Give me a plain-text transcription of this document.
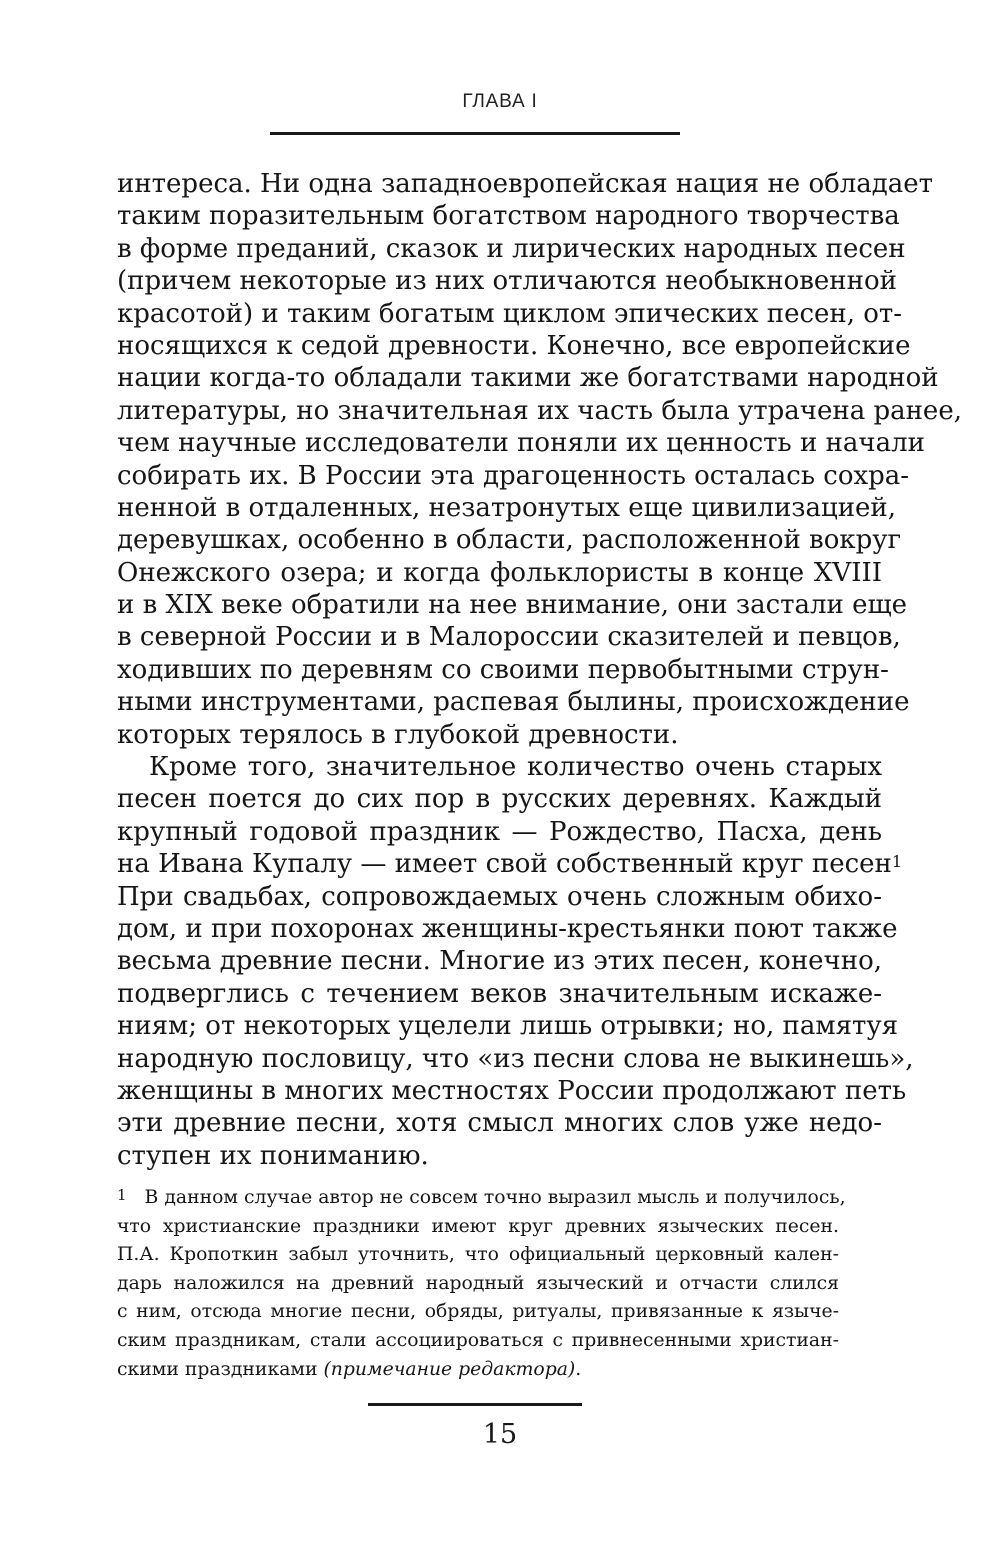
ГЛАВА I
интереса. Ни одна западноевропейская нация не обладает
таким поразительным богатством народного творчества
в форме преданий, сказок и лирических народных песен
(причем некоторые из них отличаются необыкновенной
красотой) и таким богатым циклом эпических песен, от-
носящихся к седой древности. Конечно, все европейские
нации когда-то обладали такими же богатствами народной
литературы, но значительная их часть была утрачена ранее,
чем научные исследователи поняли их ценность и начали
собирать их. В России эта драгоценность осталась сохра-
ненной в отдаленных, незатронутых еще цивилизацией,
деревушках, особенно в области, расположенной вокруг
Онежского озера; и когда фольклористы в конце XVIII
и в XIX веке обратили на нее внимание, они застали еще
в северной России и в Малороссии сказителей и певцов,
ходивших по деревням со своими первобытными струн-
ными инструментами, распевая былины, происхождение
которых терялось в глубокой древности.
Кроме того, значительное количество очень старых
песен поется до сих пор в русских деревнях. Каждый
крупный годовой праздник — Рождество, Пасха, день
на Ивана Купалу — имеет свой собственный круг песен$^1$
При свадьбах, сопровождаемых очень сложным обихо-
дом, и при похоронах женщины-крестьянки поют также
весьма древние песни. Многие из этих песен, конечно,
подверглись с течением веков значительным искаже-
ниям; от некоторых уцелели лишь отрывки; но, памятуя
народную пословицу, что «из песни слова не выкинешь»,
женщины в многих местностях России продолжают петь
эти древние песни, хотя смысл многих слов уже недо-
ступен их пониманию.
$^1$ В данном случае автор не совсем точно выразил мысль и получилось,
что христианские праздники имеют круг древних языческих песен.
П.А. Кропоткин забыл уточнить, что официальный церковный кален-
дарь наложился на древний народный языческий и отчасти слился
с ним, отсюда многие песни, обряды, ритуалы, привязанные к языче-
ским праздникам, стали ассоциироваться с привнесенными христиан-
скими праздниками (примечание редактора).
15
